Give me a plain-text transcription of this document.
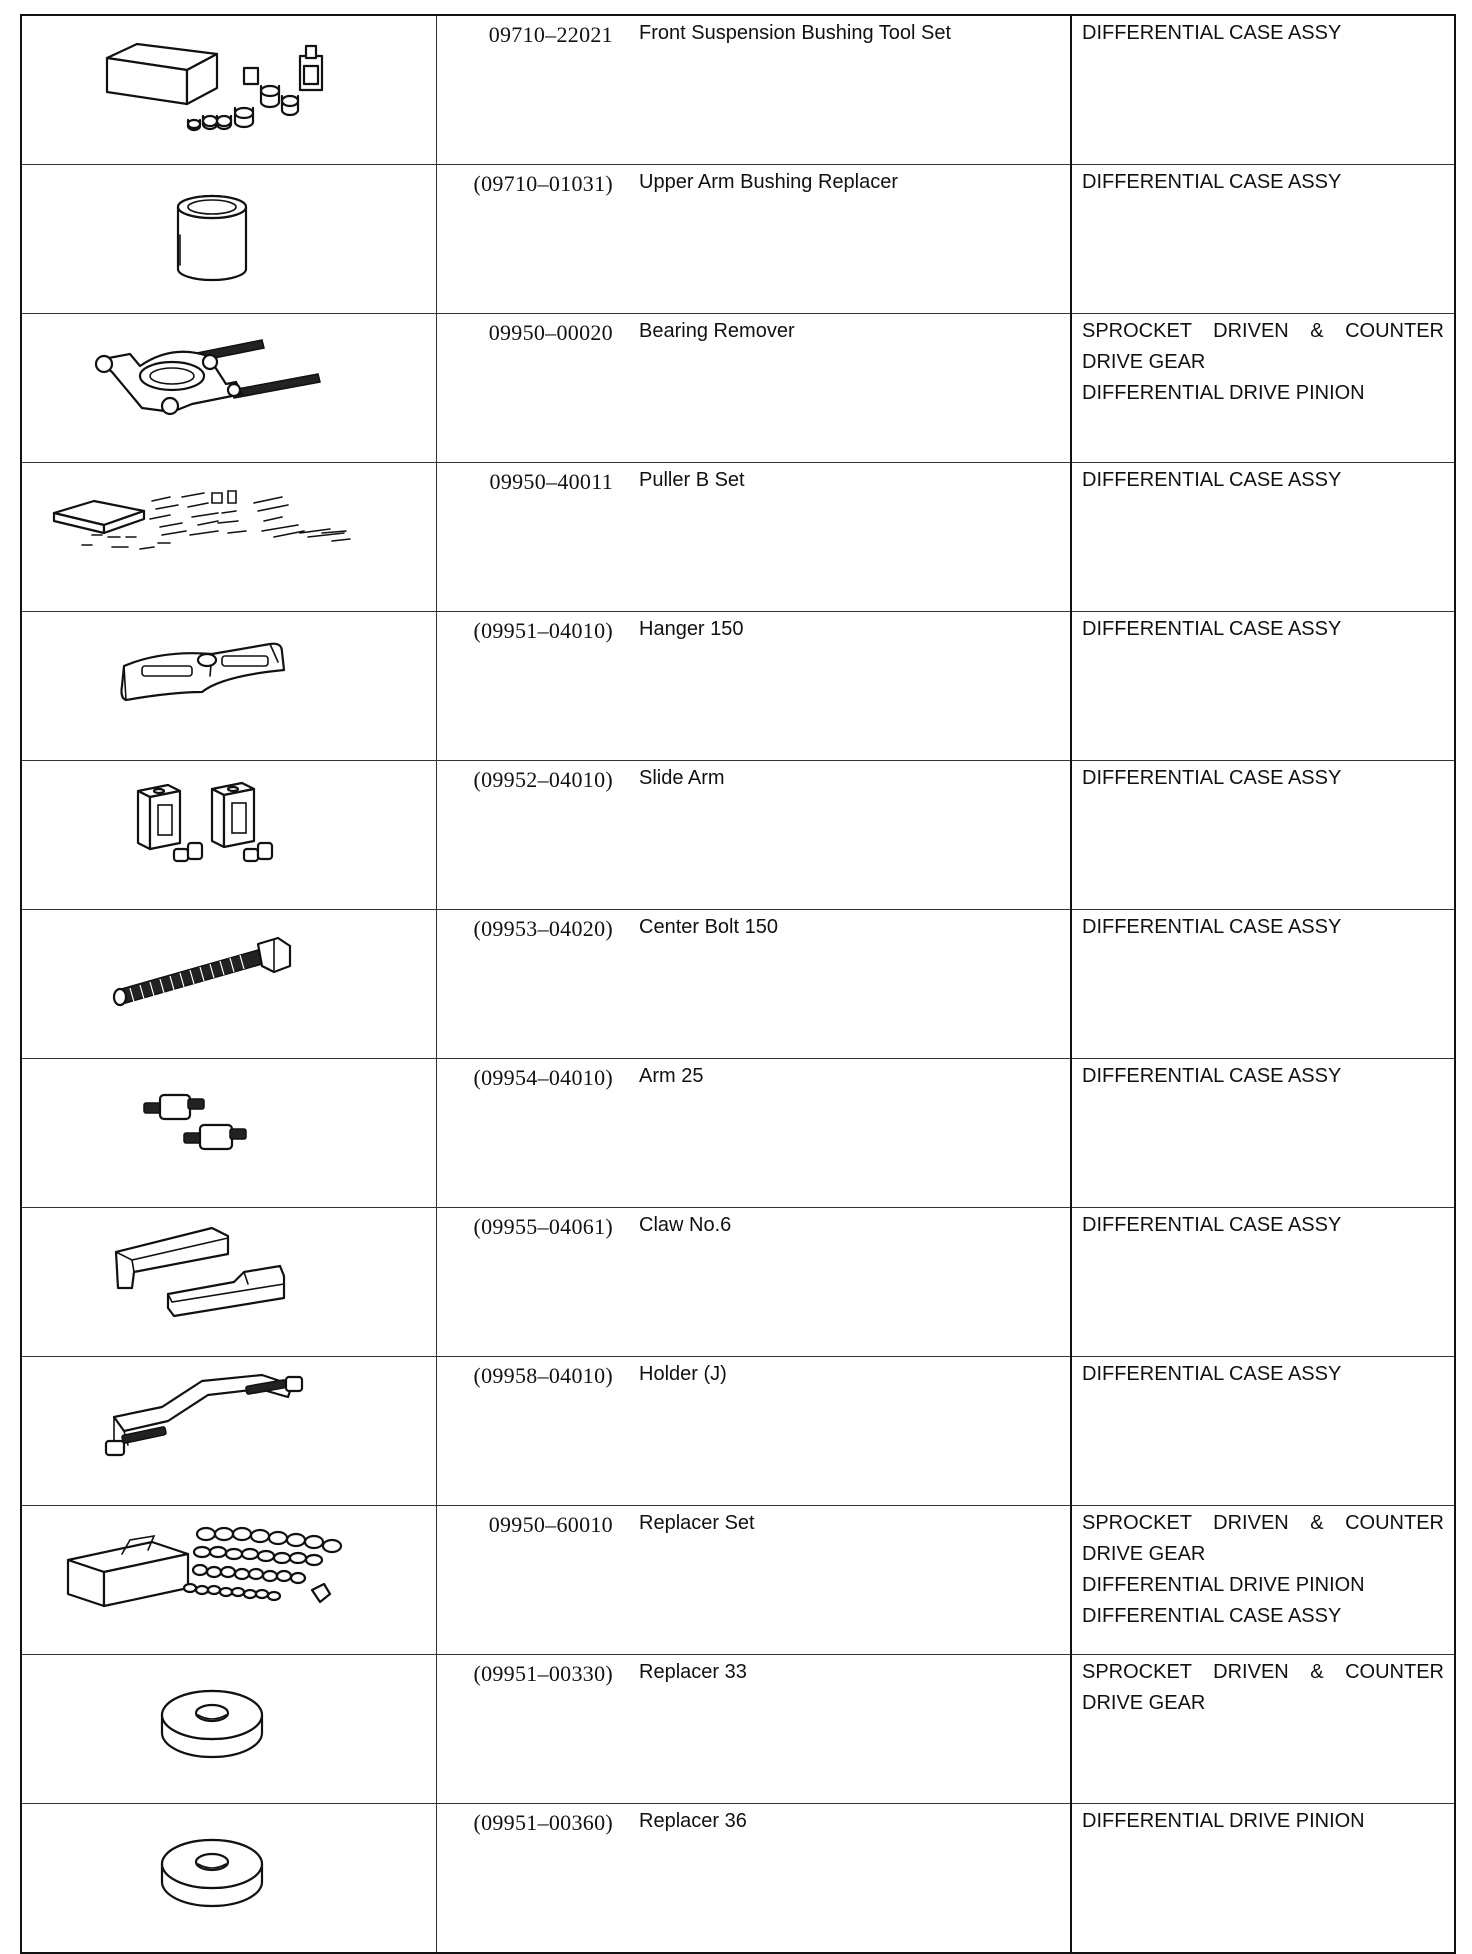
	09710–22021	Front Suspension Bushing Tool Set	DIFFERENTIAL CASE ASSY

	(09710–01031)	Upper Arm Bushing Replacer	DIFFERENTIAL CASE ASSY

	09950–00020	Bearing Remover	SPROCKET DRIVEN & COUNTER
DRIVE GEAR
DIFFERENTIAL DRIVE PINION

	09950–40011	Puller B Set	DIFFERENTIAL CASE ASSY

	(09951–04010)	Hanger 150	DIFFERENTIAL CASE ASSY

	(09952–04010)	Slide Arm	DIFFERENTIAL CASE ASSY

	(09953–04020)	Center Bolt 150	DIFFERENTIAL CASE ASSY

	(09954–04010)	Arm 25	DIFFERENTIAL CASE ASSY

	(09955–04061)	Claw No.6	DIFFERENTIAL CASE ASSY

	(09958–04010)	Holder (J)	DIFFERENTIAL CASE ASSY

	09950–60010	Replacer Set	SPROCKET DRIVEN & COUNTER
DRIVE GEAR
DIFFERENTIAL DRIVE PINION
DIFFERENTIAL CASE ASSY

	(09951–00330)	Replacer 33	SPROCKET DRIVEN & COUNTER
DRIVE GEAR

	(09951–00360)	Replacer 36	DIFFERENTIAL DRIVE PINION
